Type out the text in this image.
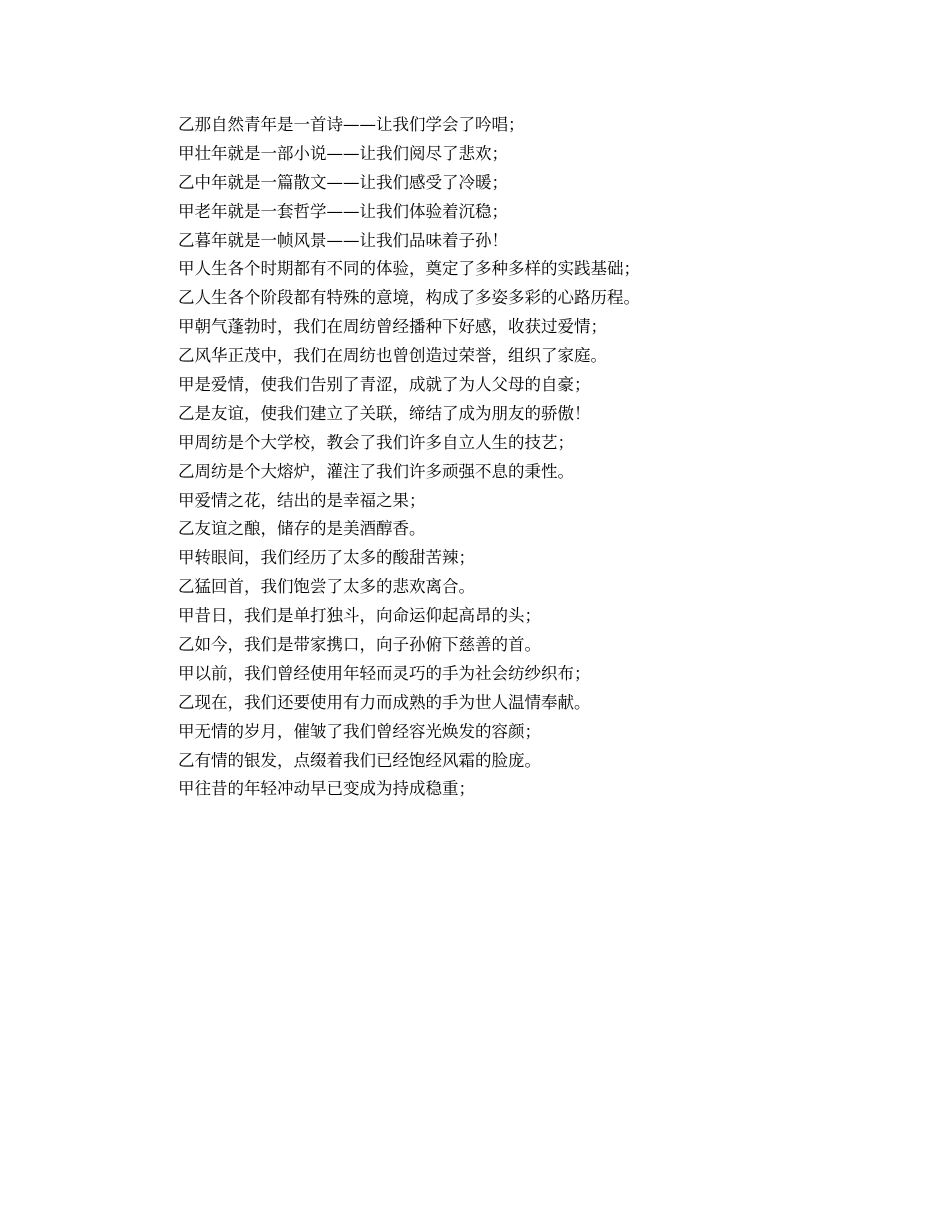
乙那自然青年是一首诗——让我们学会了吟唱；
甲壮年就是一部小说——让我们阅尽了悲欢；
乙中年就是一篇散文——让我们感受了冷暖；
甲老年就是一套哲学——让我们体验着沉稳；
乙暮年就是一帧风景——让我们品味着子孙！
甲人生各个时期都有不同的体验，奠定了多种多样的实践基础；
乙人生各个阶段都有特殊的意境，构成了多姿多彩的心路历程。
甲朝气蓬勃时，我们在周纺曾经播种下好感，收获过爱情；
乙风华正茂中，我们在周纺也曾创造过荣誉，组织了家庭。
甲是爱情，使我们告别了青涩，成就了为人父母的自豪；
乙是友谊，使我们建立了关联，缔结了成为朋友的骄傲！
甲周纺是个大学校，教会了我们许多自立人生的技艺；
乙周纺是个大熔炉，灌注了我们许多顽强不息的秉性。
甲爱情之花，结出的是幸福之果；
乙友谊之酿，储存的是美酒醇香。
甲转眼间，我们经历了太多的酸甜苦辣；
乙猛回首，我们饱尝了太多的悲欢离合。
甲昔日，我们是单打独斗，向命运仰起高昂的头；
乙如今，我们是带家携口，向子孙俯下慈善的首。
甲以前，我们曾经使用年轻而灵巧的手为社会纺纱织布；
乙现在，我们还要使用有力而成熟的手为世人温情奉献。
甲无情的岁月，催皱了我们曾经容光焕发的容颜；
乙有情的银发，点缀着我们已经饱经风霜的脸庞。
甲往昔的年轻冲动早已变成为持成稳重；
